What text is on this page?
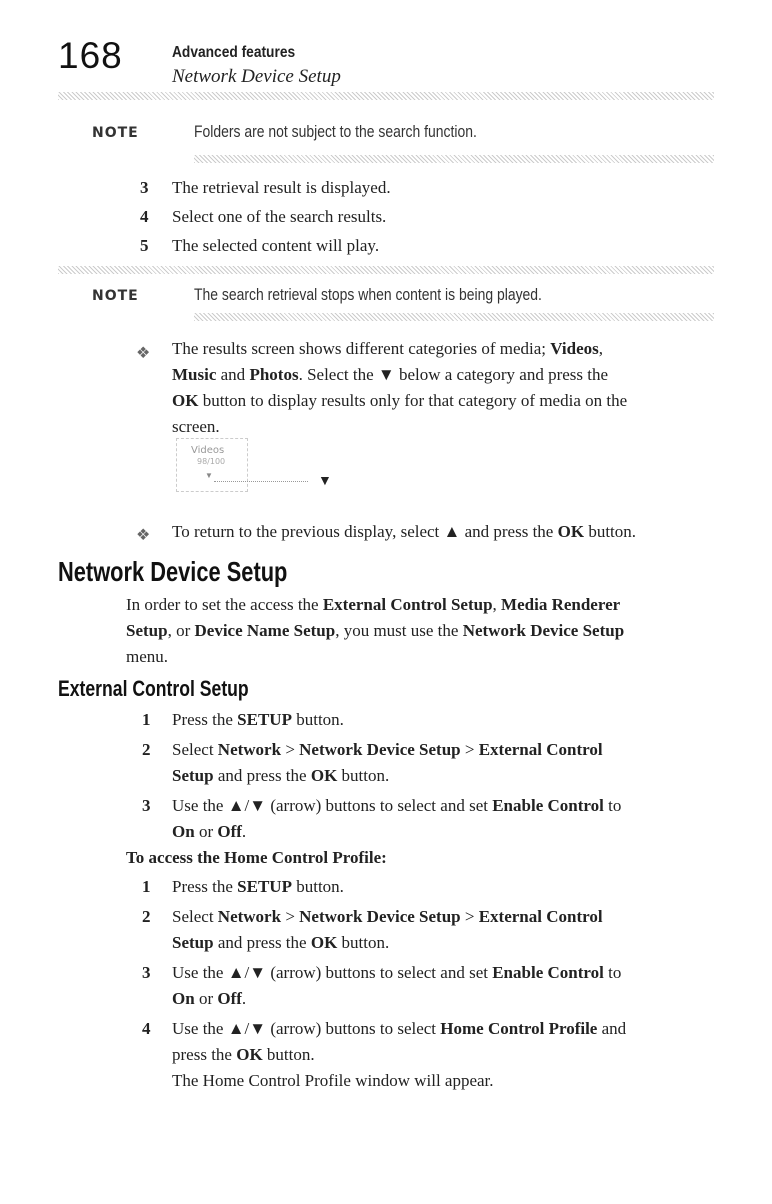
168	Advanced features
Network Device Setup
NOTE	Folders are not subject to the search function.
3	The retrieval result is displayed.
4	Select one of the search results.
5	The selected content will play.
NOTE	The search retrieval stops when content is being played.
❖ The results screen shows different categories of media; Videos,
Music and Photos. Select the ▼ below a category and press the
OK button to display results only for that category of media on the
screen.
Videos
98/100
▼	▼
❖ To return to the previous display, select ▲ and press the OK button.
Network Device Setup
In order to set the access the External Control Setup, Media Renderer
Setup, or Device Name Setup, you must use the Network Device Setup
menu.
External Control Setup
1	Press the SETUP button.
2	Select Network > Network Device Setup > External Control
Setup and press the OK button.
3	Use the ▲/▼ (arrow) buttons to select and set Enable Control to
On or Off.
To access the Home Control Profile:
1	Press the SETUP button.
2	Select Network > Network Device Setup > External Control
Setup and press the OK button.
3	Use the ▲/▼ (arrow) buttons to select and set Enable Control to
On or Off.
4	Use the ▲/▼ (arrow) buttons to select Home Control Profile and
press the OK button.
The Home Control Profile window will appear.
